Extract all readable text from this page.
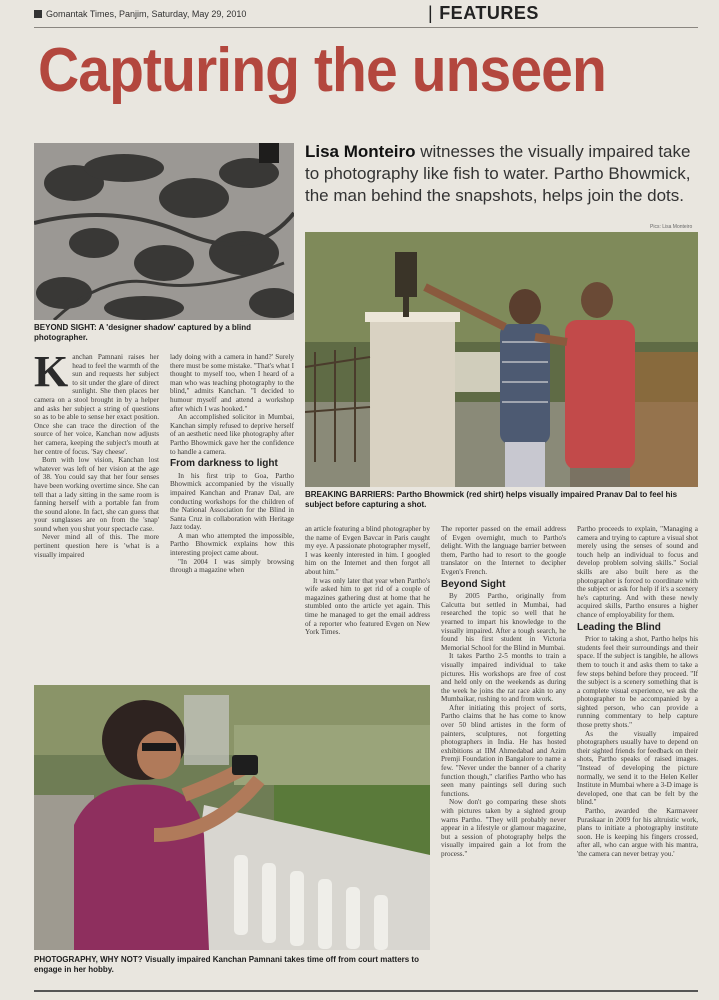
Gomantak Times, Panjim, Saturday, May 29, 2010
|	FEATURES
Capturing the unseen
BEYOND SIGHT: A 'designer shadow' captured by a blind photographer.
Lisa Monteiro witnesses the visually impaired take to photography like fish to water. Partho Bhowmick, the man behind the snapshots, helps join the dots.
Pics: Lisa Monteiro
BREAKING BARRIERS: Partho Bhowmick (red shirt) helps visually impaired Pranav Dal to feel his subject before capturing a shot.
K anchan Pamnani raises her head to feel the warmth of the sun and requests her subject to sit under the glare of direct sunlight. She then places her camera on a stool brought in by a helper and asks her subject a string of questions so as to be able to sense her exact position. Once she can trace the direction of the source of her voice, Kanchan now adjusts her camera, keeping the subject's mouth at her centre of focus. 'Say cheese'.

Born with low vision, Kanchan lost whatever was left of her vision at the age of 38. You could say that her four senses have been working overtime since. She can tell that a lady sitting in the same room is fanning herself with a portable fan from the sound alone. In fact, she can guess that your sunglasses are on from the 'snap' sound when you shut your spectacle case.

Never mind all of this. The more pertinent question here is 'what is a visually impaired

lady doing with a camera in hand?' Surely there must be some mistake. "That's what I thought to myself too, when I heard of a man who was teaching photography to the blind," admits Kanchan. "I decided to humour myself and attend a workshop after which I was hooked."

An accomplished solicitor in Mumbai, Kanchan simply refused to deprive herself of an aesthetic need like photography after Partho Bhowmick gave her the confidence to handle a camera.

From darkness to light

In his first trip to Goa, Partho Bhowmick accompanied by the visually impaired Kanchan and Pranav Dal, are conducting workshops for the children of the National Association for the Blind in Santa Cruz in collaboration with Heritage Jazz today.

A man who attempted the impossible, Partho Bhowmick explains how this interesting project came about.

"In 2004 I was simply browsing through a magazine when

an article featuring a blind photographer by the name of Evgen Bavcar in Paris caught my eye. A passionate photographer myself, I was keenly interested in him. I googled him on the Internet and then forgot all about him."

It was only later that year when Partho's wife asked him to get rid of a couple of magazines gathering dust at home that he stumbled onto the article yet again. This time he managed to get the email address of a reporter who featured Evgen on New York Times.

The reporter passed on the email address of Evgen overnight, much to Partho's delight. With the language barrier between them, Partho had to resort to the google translator on the Internet to decipher Evgen's French.

Beyond Sight

By 2005 Partho, originally from Calcutta but settled in Mumbai, had researched the topic so well that he yearned to impart his knowledge to the visually impaired. After a tough search, he found his first student in Victoria Memorial School for the Blind in Mumbai.

It takes Partho 2-5 months to train a visually impaired individual to take pictures. His workshops are free of cost and held only on the weekends as during the week he joins the rat race akin to any Mumbaikar, rushing to and from work.

After initiating this project of sorts, Partho claims that he has come to know over 50 blind artistes in the form of painters, sculptures, not forgetting photographers in India. He has hosted exhibitions at IIM Ahmedabad and Azim Premji Foundation in Bangalore to name a few. "Never under the banner of a charity function though," clarifies Partho who has seen many paintings sell during such functions.

Now don't go comparing these shots with pictures taken by a sighted group warns Partho. "They will probably never appear in a lifestyle or glamour magazine, but a session of photography helps the visually impaired gain a lot from the process."

Partho proceeds to explain, "Managing a camera and trying to capture a visual shot merely using the senses of sound and touch help an individual to focus and develop problem solving skills." Social skills are also built here as the photographer is forced to coordinate with the subject or ask for help if it's a scenery he's capturing. And with these newly acquired skills, Partho ensures a higher chance of employability for them.

Leading the Blind

Prior to taking a shot, Partho helps his students feel their surroundings and their space. If the subject is tangible, he allows them to touch it and asks them to take a few steps behind before they proceed. "If the subject is a scenery something that is a complete visual experience, we ask the photographer to be accompanied by a sighted person, who can provide a running commentary to help capture those pretty shots."

As the visually impaired photographers usually have to depend on their sighted friends for feedback on their shots, Partho speaks of raised images. "Instead of developing the picture normally, we send it to the Helen Keller Institute in Mumbai where a 3-D image is developed, one that can be felt by the blind."

Partho, awarded the Karmaveer Puraskaar in 2009 for his altruistic work, plans to initiate a photography institute soon. He is keeping his fingers crossed, after all, who can argue with his mantra, 'the camera can never betray you.'

PHOTOGRAPHY, WHY NOT? Visually impaired Kanchan Pamnani takes time off from court matters to engage in her hobby.
